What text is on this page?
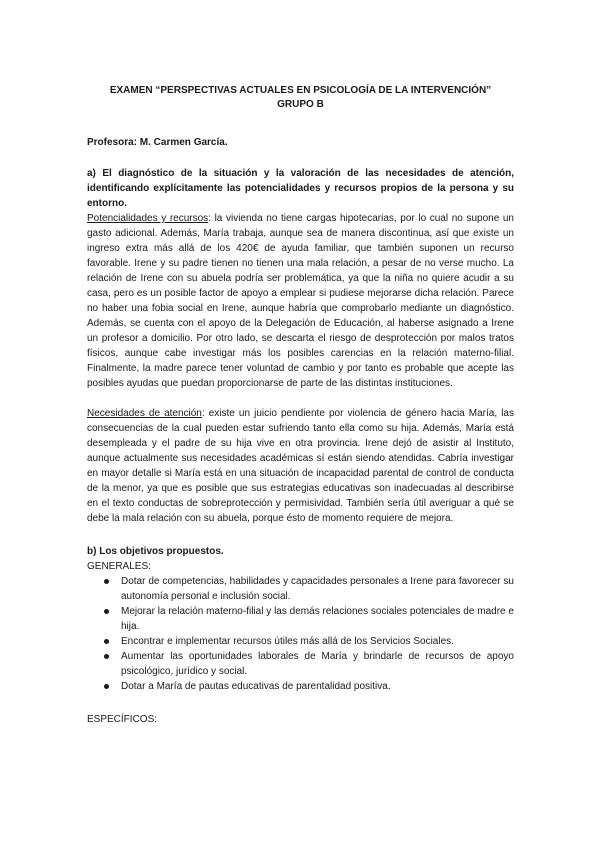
EXAMEN “PERSPECTIVAS ACTUALES EN PSICOLOGÍA DE LA INTERVENCIÓN”

GRUPO B

Profesora: M. Carmen García.

a) El diagnóstico de la situación y la valoración de las necesidades de atención, identificando explícitamente las potencialidades y recursos propios de la persona y su entorno.

Potencialidades y recursos: la vivienda no tiene cargas hipotecarias, por lo cual no supone un gasto adicional. Además, María trabaja, aunque sea de manera discontinua, así que existe un ingreso extra más allá de los 420€ de ayuda familiar, que también suponen un recurso favorable. Irene y su padre tienen no tienen una mala relación, a pesar de no verse mucho. La relación de Irene con su abuela podría ser problemática, ya que la niña no quiere acudir a su casa, pero es un posible factor de apoyo a emplear si pudiese mejorarse dicha relación. Parece no haber una fobia social en Irene, aunque habría que comprobarlo mediante un diagnóstico. Además, se cuenta con el apoyo de la Delegación de Educación, al haberse asignado a Irene un profesor a domicilio. Por otro lado, se descarta el riesgo de desprotección por malos tratos físicos, aunque cabe investigar más los posibles carencias en la relación materno-filial. Finalmente, la madre parece tener voluntad de cambio y por tanto es probable que acepte las posibles ayudas que puedan proporcionarse de parte de las distintas instituciones.

Necesidades de atención: existe un juicio pendiente por violencia de género hacia María, las consecuencias de la cual pueden estar sufriendo tanto ella como su hija. Además, María está desempleada y el padre de su hija vive en otra provincia. Irene dejó de asistir al Instituto, aunque actualmente sus necesidades académicas sí están siendo atendidas. Cabría investigar en mayor detalle si María está en una situación de incapacidad parental de control de conducta de la menor, ya que es posible que sus estrategias educativas son inadecuadas al describirse en el texto conductas de sobreprotección y permisividad. También sería útil averiguar a qué se debe la mala relación con su abuela, porque ésto de momento requiere de mejora.

b) Los objetivos propuestos.

GENERALES:

Dotar de competencias, habilidades y capacidades personales a Irene para favorecer su autonomía personal e inclusión social.
Mejorar la relación materno-filial y las demás relaciones sociales potenciales de madre e hija.
Encontrar e implementar recursos útiles más allá de los Servicios Sociales.
Aumentar las oportunidades laborales de María y brindarle de recursos de apoyo psicológico, jurídico y social.
Dotar a María de pautas educativas de parentalidad positiva.

ESPECÍFICOS:
